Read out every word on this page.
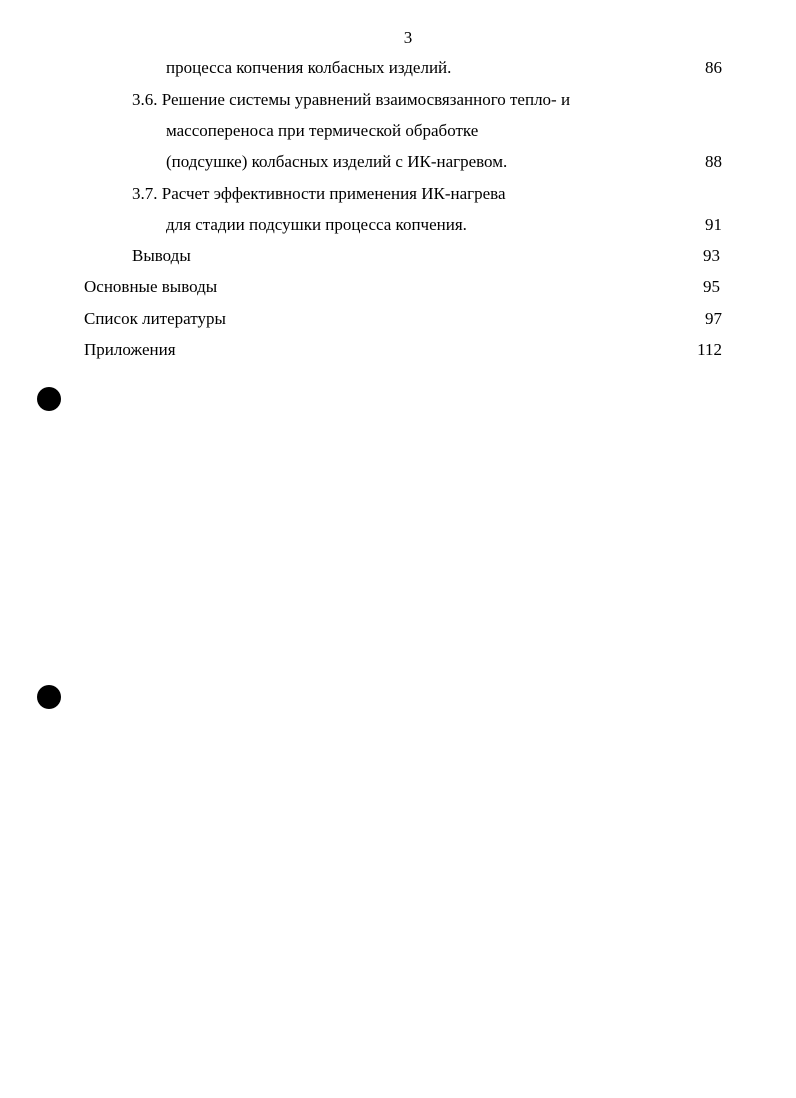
3
процесса копчения колбасных изделий.	86
3.6. Решение системы уравнений взаимосвязанного тепло- и
массопереноса при термической обработке
(подсушке) колбасных изделий с ИК-нагревом.	88
3.7. Расчет эффективности применения ИК-нагрева
для стадии подсушки процесса копчения.	91
Выводы	93
Основные выводы	95
Список литературы	97
Приложения	112
